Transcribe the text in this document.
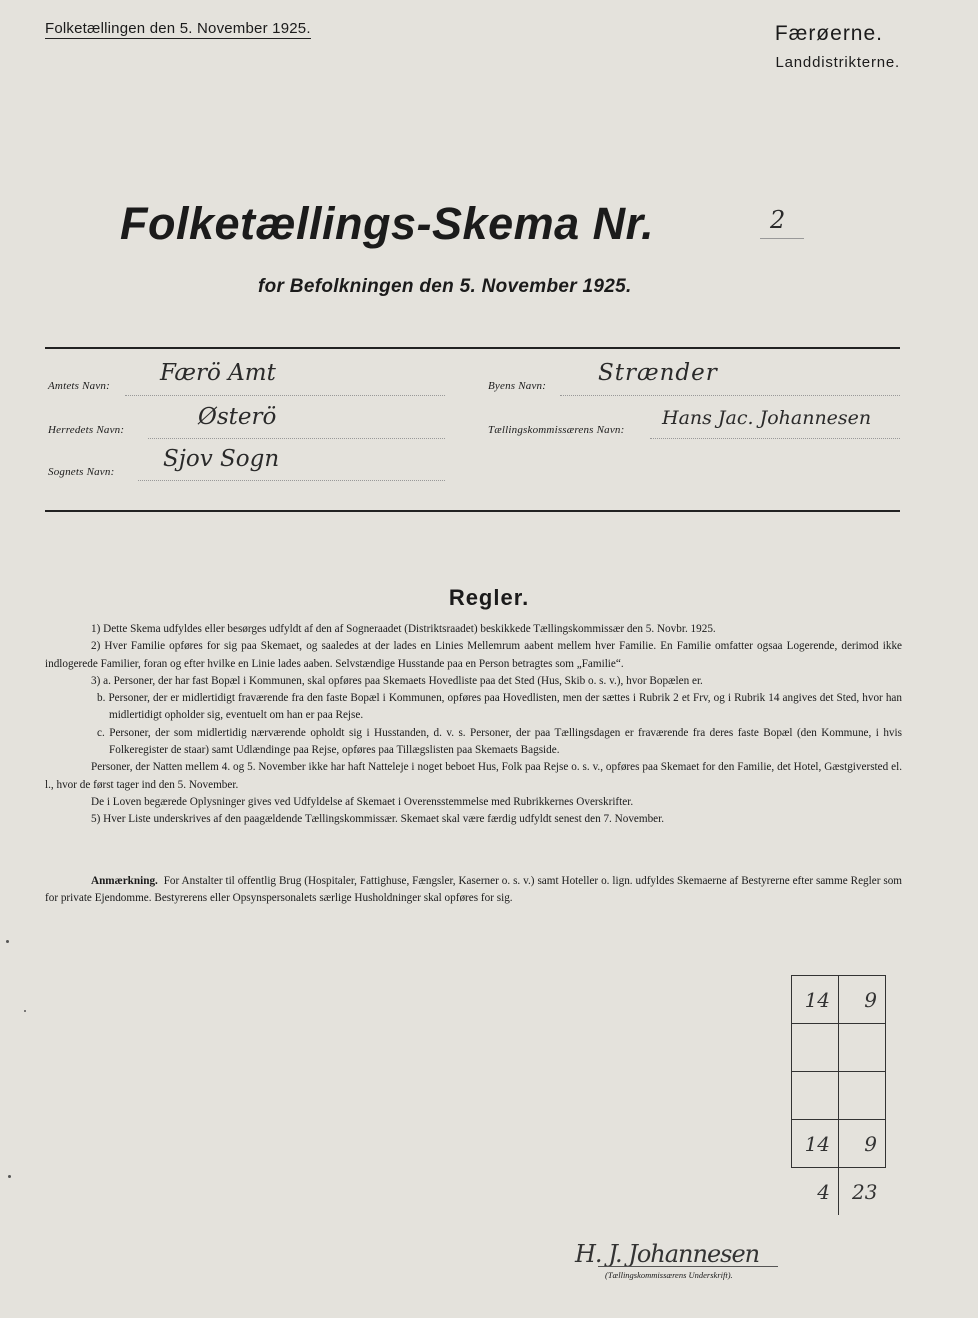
Folketællingen den 5. November 1925.	Færøerne.
Landdistrikterne.
Folketællings-Skema Nr.	2
for Befolkningen den 5. November 1925.
Amtets Navn: Færö Amt	Byens Navn: Strænder
Herredets Navn:	Østerö	Tællingskommissærens Navn:
Hans Jac. Johannesen
Sognets Navn: Sjov Sogn
Regler.

1) Dette Skema udfyldes eller besørges udfyldt af den af Sogneraadet (Distriktsraadet) beskikkede Tællingskommissær den 5. Novbr. 1925.

2) Hver Familie opføres for sig paa Skemaet, og saaledes at der lades en Linies Mellemrum aabent mellem hver Familie. En Familie omfatter ogsaa Logerende, derimod ikke indlogerede Familier, foran og efter hvilke en Linie lades aaben. Selvstændige Husstande paa en Person betragtes som „Familie“.

3) a. Personer, der har fast Bopæl i Kommunen, skal opføres paa Skemaets Hovedliste paa det Sted (Hus, Skib o. s. v.), hvor Bopælen er.

b. Personer, der er midlertidigt fraværende fra den faste Bopæl i Kommunen, opføres paa Hovedlisten, men der sættes i Rubrik 2 et Frv, og i Rubrik 14 angives det Sted, hvor han midlertidigt opholder sig, eventuelt om han er paa Rejse.

c. Personer, der som midlertidig nærværende opholdt sig i Husstanden, d. v. s. Personer, der paa Tællingsdagen er fraværende fra deres faste Bopæl (den Kommune, i hvis Folkeregister de staar) samt Udlændinge paa Rejse, opføres paa Tillægslisten paa Skemaets Bagside.

Personer, der Natten mellem 4. og 5. November ikke har haft Natteleje i noget beboet Hus, Folk paa Rejse o. s. v., opføres paa Skemaet for den Familie, det Hotel, Gæstgiversted el. l., hvor de først tager ind den 5. November.

De i Loven begærede Oplysninger gives ved Udfyldelse af Skemaet i Overensstemmelse med Rubrikkernes Overskrifter.

5) Hver Liste underskrives af den paagældende Tællingskommissær. Skemaet skal være færdig udfyldt senest den 7. November.

Anmærkning. For Anstalter til offentlig Brug (Hospitaler, Fattighuse, Fængsler, Kaserner o. s. v.) samt Hoteller o. lign. udfyldes Skemaerne af Bestyrerne efter samme Regler som for private Ejendomme. Bestyrerens eller Opsynspersonalets særlige Husholdninger skal opføres for sig.

14	9

14	9
4	23
H. J. Johannesen
(Tællingskommissærens Underskrift).
